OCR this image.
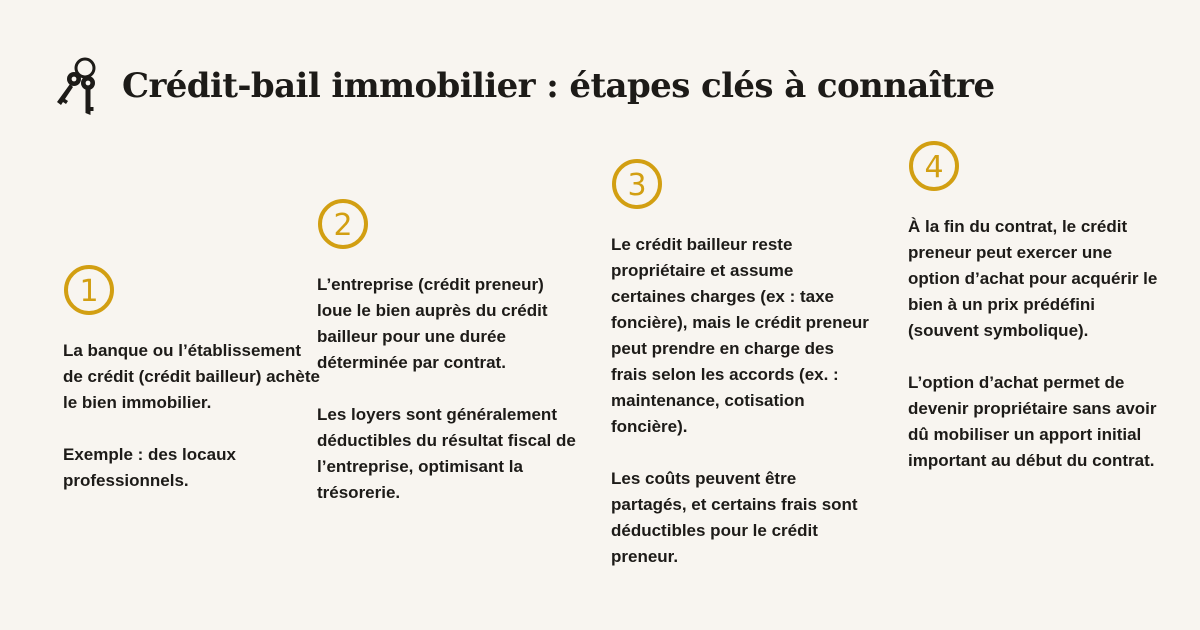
Crédit-bail immobilier : étapes clés à connaître
1

La banque ou l’établissement de crédit (crédit bailleur) achète le bien immobilier.

Exemple : des locaux professionnels.

2

L’entreprise (crédit preneur) loue le bien auprès du crédit bailleur pour une durée déterminée par contrat.

Les loyers sont généralement déductibles du résultat fiscal de l’entreprise, optimisant la trésorerie.

3

Le crédit bailleur reste propriétaire et assume certaines charges (ex : taxe foncière), mais le crédit preneur peut prendre en charge des frais selon les accords (ex. : maintenance, cotisation foncière).

Les coûts peuvent être partagés, et certains frais sont déductibles pour le crédit preneur.

4

À la fin du contrat, le crédit preneur peut exercer une option d’achat pour acquérir le bien à un prix prédéfini (souvent symbolique).

L’option d’achat permet de devenir propriétaire sans avoir dû mobiliser un apport initial important au début du contrat.
